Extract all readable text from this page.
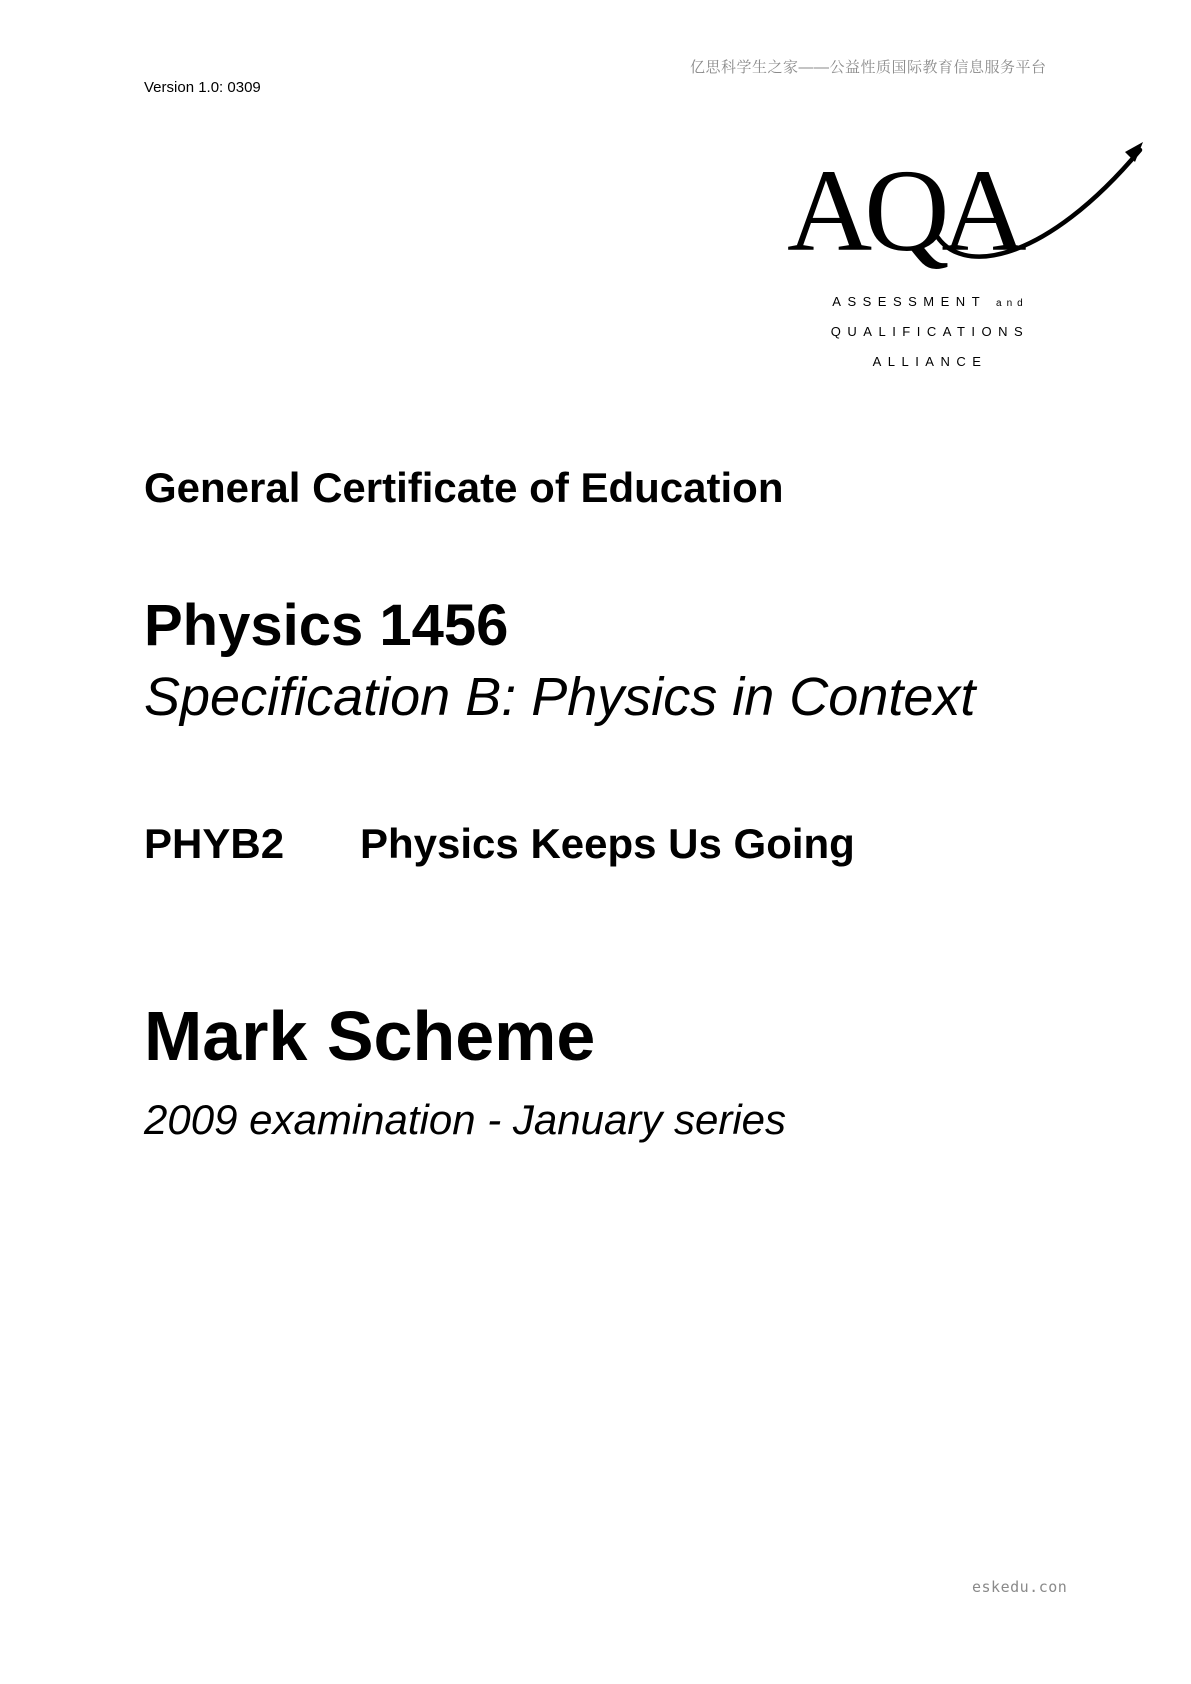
亿思科学生之家——公益性质国际教育信息服务平台
Version 1.0: 0309
AQA
ASSESSMENT and
QUALIFICATIONS
ALLIANCE
General Certificate of Education
Physics 1456
Specification B: Physics in Context
PHYB2 Physics Keeps Us Going
Mark Scheme
2009 examination - January series
eskedu.con
